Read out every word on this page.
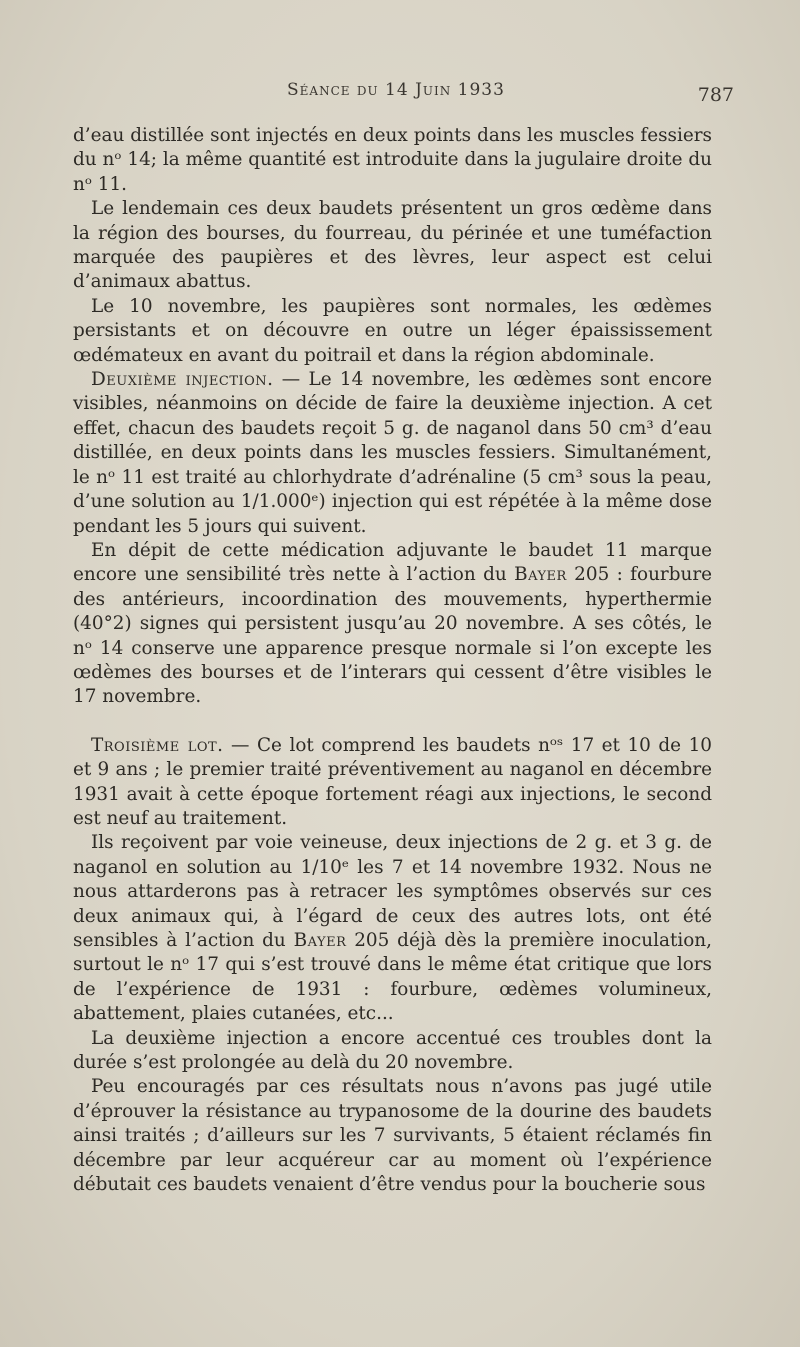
Séance du 14 Juin 1933	787

d’eau distillée sont injectés en deux points dans les muscles fessiers du nᵒ 14; la même quantité est introduite dans la jugulaire droite du nᵒ 11.

Le lendemain ces deux baudets présentent un gros œdème dans la région des bourses, du fourreau, du périnée et une tuméfaction marquée des paupières et des lèvres, leur aspect est celui d’animaux abattus.

Le 10 novembre, les paupières sont normales, les œdèmes persistants et on découvre en outre un léger épaississement œdémateux en avant du poitrail et dans la région abdominale.

Deuxième injection. — Le 14 novembre, les œdèmes sont encore visibles, néanmoins on décide de faire la deuxième injection. A cet effet, chacun des baudets reçoit 5 g. de naganol dans 50 cm³ d’eau distillée, en deux points dans les muscles fessiers. Simultanément, le nᵒ 11 est traité au chlorhydrate d’adrénaline (5 cm³ sous la peau, d’une solution au 1/1.000ᵉ) injection qui est répétée à la même dose pendant les 5 jours qui suivent.

En dépit de cette médication adjuvante le baudet 11 marque encore une sensibilité très nette à l’action du Bayer 205 : fourbure des antérieurs, incoordination des mouvements, hyperthermie (40°2) signes qui persistent jusqu’au 20 novembre. A ses côtés, le nᵒ 14 conserve une apparence presque normale si l’on excepte les œdèmes des bourses et de l’interars qui cessent d’être visibles le 17 novembre.

Troisième lot. — Ce lot comprend les baudets nᵒˢ 17 et 10 de 10 et 9 ans ; le premier traité préventivement au naganol en décembre 1931 avait à cette époque fortement réagi aux injections, le second est neuf au traitement.

Ils reçoivent par voie veineuse, deux injections de 2 g. et 3 g. de naganol en solution au 1/10ᵉ les 7 et 14 novembre 1932. Nous ne nous attarderons pas à retracer les symptômes observés sur ces deux animaux qui, à l’égard de ceux des autres lots, ont été sensibles à l’action du Bayer 205 déjà dès la première inoculation, surtout le nᵒ 17 qui s’est trouvé dans le même état critique que lors de l’expérience de 1931 : fourbure, œdèmes volumineux, abattement, plaies cutanées, etc...

La deuxième injection a encore accentué ces troubles dont la durée s’est prolongée au delà du 20 novembre.

Peu encouragés par ces résultats nous n’avons pas jugé utile d’éprouver la résistance au trypanosome de la dourine des baudets ainsi traités ; d’ailleurs sur les 7 survivants, 5 étaient réclamés fin décembre par leur acquéreur car au moment où l’expérience débutait ces baudets venaient d’être vendus pour la boucherie sous
